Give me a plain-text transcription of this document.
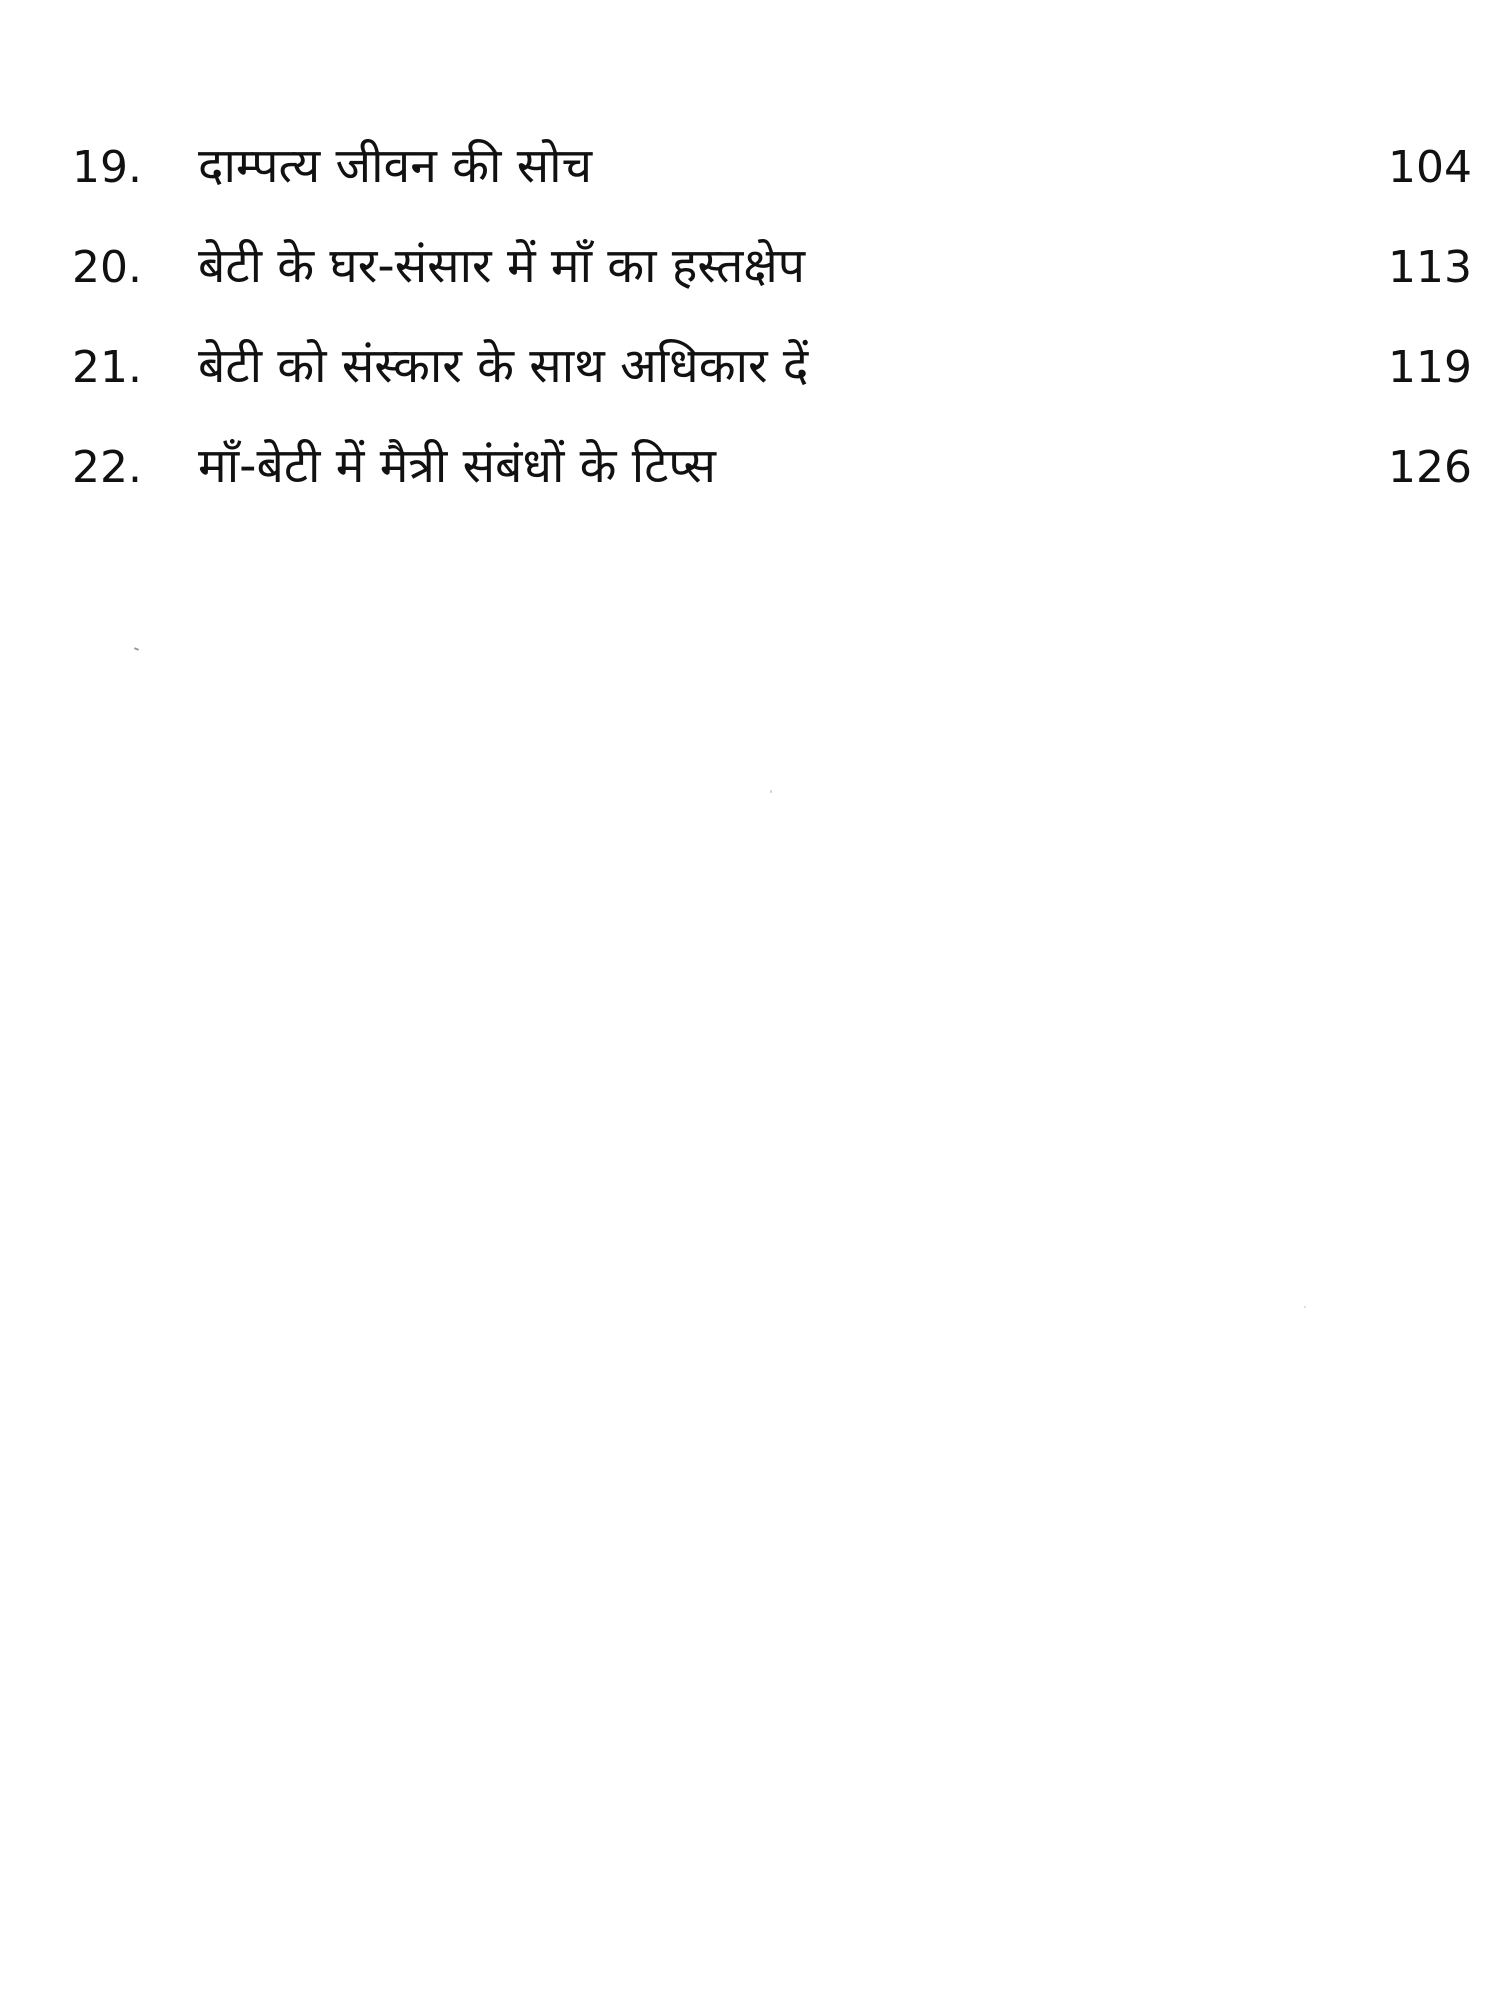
19. दाम्पत्य जीवन की सोच	104
20. बेटी के घर-संसार में माँ का हस्तक्षेप	113
21. बेटी को संस्कार के साथ अधिकार दें	119
22. माँ-बेटी में मैत्री संबंधों के टिप्स	126
